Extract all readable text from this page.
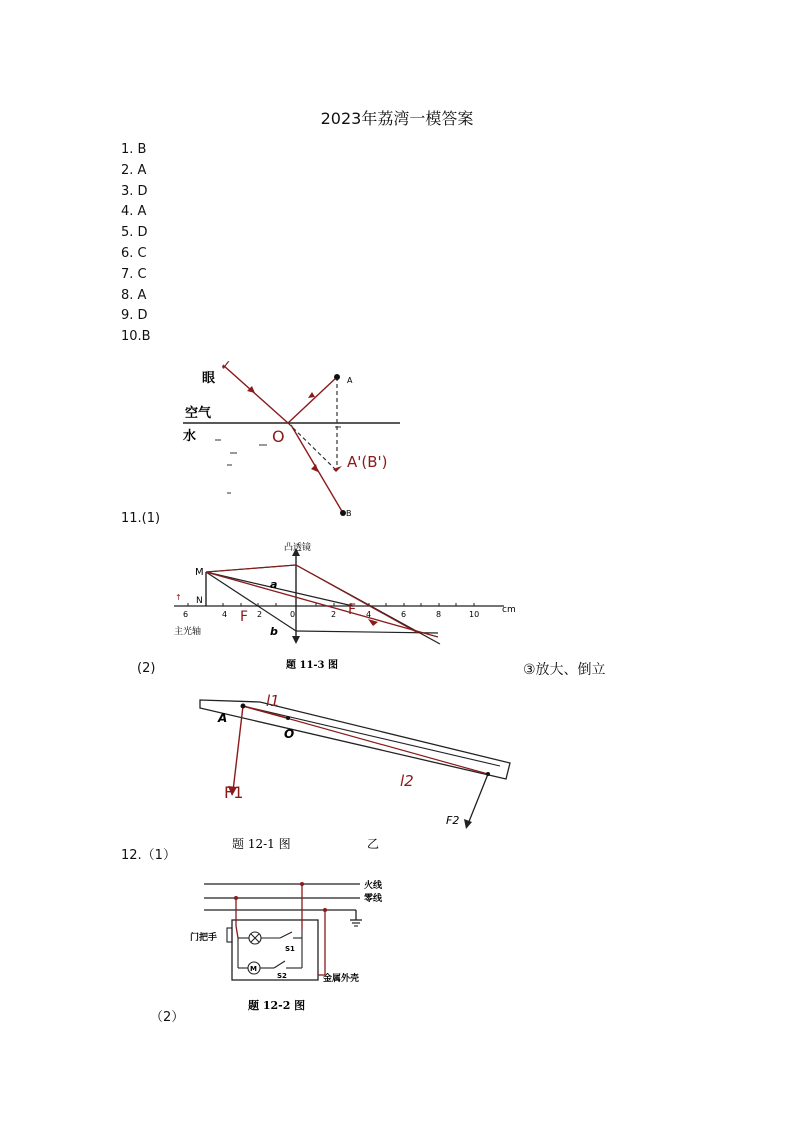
2023年荔湾一模答案
1. B
2. A
3. D
4. A
5. D
6. C
7. C
8. A
9. D
10.B
眼
✓
空气
水	O
A
A'(B')
B
11.(1)
↑
凸透镜
M
N
a
b
主光轴
cm
0
6	4	2	2	4	6	8	10
F	F
题 11-3 图
(2)	③放大、倒立
A
O
l1
l2
F1
F2
题 12-1 图	乙
12.（1）
M
火线
零线
门把手
S1
S2	金属外壳
题 12-2 图
（2）
